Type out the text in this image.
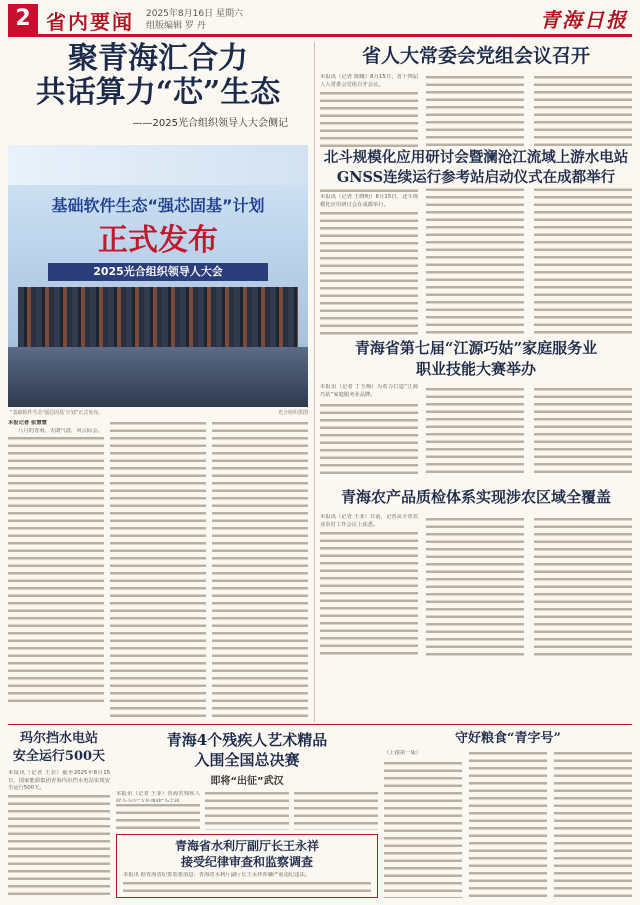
2 省内要闻 2025年8月16日 星期六
组版编辑 罗 丹	青海日报
聚青海汇合力
共话算力“芯”生态
——2025光合组织领导人大会侧记
基础软件生态“强芯固基”计划
正式发布
2025光合组织领导人大会
“基础软件生态‘强芯固基’计划”正式发布。	光合组织供图
本报记者 张慧慧
八月的青海，天朗气清，风云际会。
省人大常委会党组会议召开
本报讯（记者 陈曦）8月15日，省十四届人大常委会党组召开会议。
北斗规模化应用研讨会暨澜沧江流域上游水电站
GNSS连续运行参考站启动仪式在成都举行
本报讯（记者 王晓明）8月15日，北斗规模化应用研讨会在成都举行。
青海省第七届“江源巧姑”家庭服务业
职业技能大赛举办
本报讯（记者 丁玉梅）为着力打造“江源巧姑”家庭服务业品牌。
青海农产品质检体系实现涉农区域全覆盖
本报讯（记者 王菲）日前，记者从全省农业农村工作会议上获悉。
玛尔挡水电站
安全运行500天
本报讯（记者 王菲）截至2025年8月15日，国家能源集团青海玛尔挡水电站实现安全运行500天。
青海4个残疾人艺术精品
入围全国总决赛
即将“出征”武汉
本报讯（记者 王菲）青海省残疾人
青海省水利厅副厅长王永祥
接受纪律审查和监察调查
本报讯 据青海省纪委监委消息：青海省水利厅副厅长王永祥涉嫌严重违纪违法。
守好粮食“青字号”
（上接第一版）
